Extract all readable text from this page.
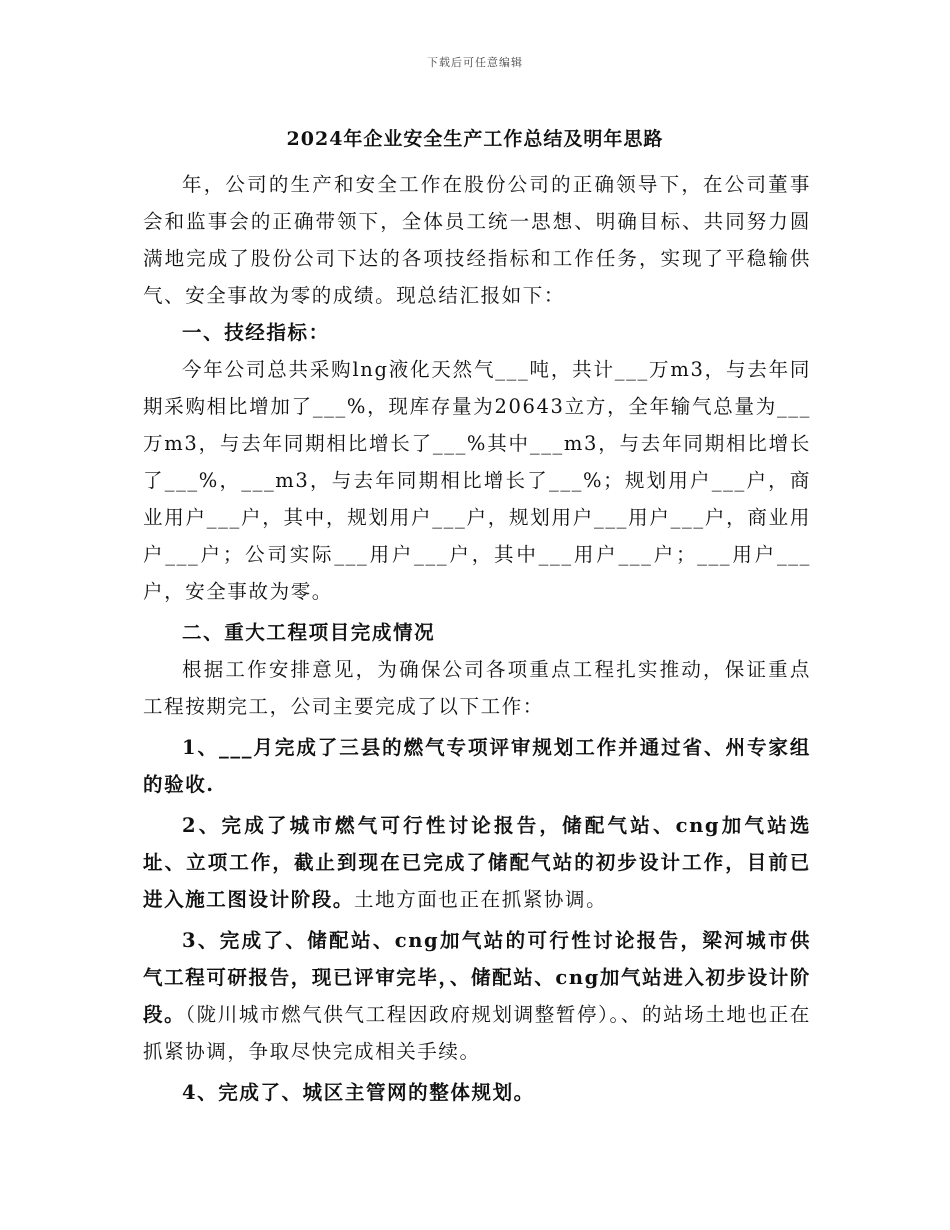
下载后可任意编辑
2024年企业安全生产工作总结及明年思路

年，公司的生产和安全工作在股份公司的正确领导下，在公司董事会和监事会的正确带领下，全体员工统一思想、明确目标、共同努力圆满地完成了股份公司下达的各项技经指标和工作任务，实现了平稳输供气、安全事故为零的成绩。现总结汇报如下：

一、技经指标：

今年公司总共采购lng液化天然气___吨，共计___万m3，与去年同期采购相比增加了___%，现库存量为20643立方，全年输气总量为___万m3，与去年同期相比增长了___%其中___m3，与去年同期相比增长了___%，___m3，与去年同期相比增长了___%；规划用户___户，商业用户___户，其中，规划用户___户，规划用户___用户___户，商业用户___户；公司实际___用户___户，其中___用户___户；___用户___户，安全事故为零。

二、重大工程项目完成情况

根据工作安排意见，为确保公司各项重点工程扎实推动，保证重点工程按期完工，公司主要完成了以下工作：

1、___月完成了三县的燃气专项评审规划工作并通过省、州专家组的验收.

2、完成了城市燃气可行性讨论报告，储配气站、cng加气站选址、立项工作，截止到现在已完成了储配气站的初步设计工作，目前已进入施工图设计阶段。土地方面也正在抓紧协调。

3、完成了、储配站、cng加气站的可行性讨论报告，梁河城市供气工程可研报告，现已评审完毕，、储配站、cng加气站进入初步设计阶段。（陇川城市燃气供气工程因政府规划调整暂停）。、的站场土地也正在抓紧协调，争取尽快完成相关手续。

4、完成了、城区主管网的整体规划。
